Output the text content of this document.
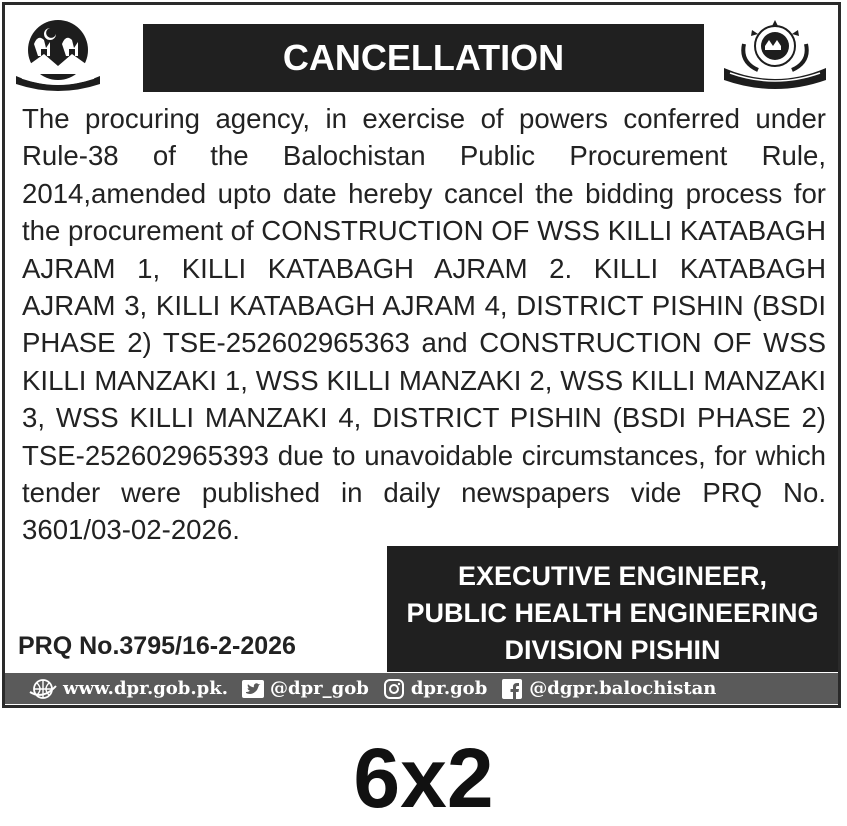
CANCELLATION
The procuring agency, in exercise of powers conferred under Rule-38 of the Balochistan Public Procurement Rule, 2014,amended upto date hereby cancel the bidding process for the procurement of CONSTRUCTION OF WSS KILLI KATABAGH AJRAM 1, KILLI KATABAGH AJRAM 2. KILLI KATABAGH AJRAM 3, KILLI KATABAGH AJRAM 4, DISTRICT PISHIN (BSDI PHASE 2) TSE-252602965363 and CONSTRUCTION OF WSS KILLI MANZAKI 1, WSS KILLI MANZAKI 2, WSS KILLI MANZAKI 3, WSS KILLI MANZAKI 4, DISTRICT PISHIN (BSDI PHASE 2) TSE-252602965393 due to unavoidable circumstances, for which tender were published in daily newspapers vide PRQ No. 3601/03-02-2026.
EXECUTIVE ENGINEER,
PUBLIC HEALTH ENGINEERING
DIVISION PISHIN
PRQ No.3795/16-2-2026
www.dpr.gob.pk. @dpr_gob dpr.gob @dgpr.balochistan
6x2
